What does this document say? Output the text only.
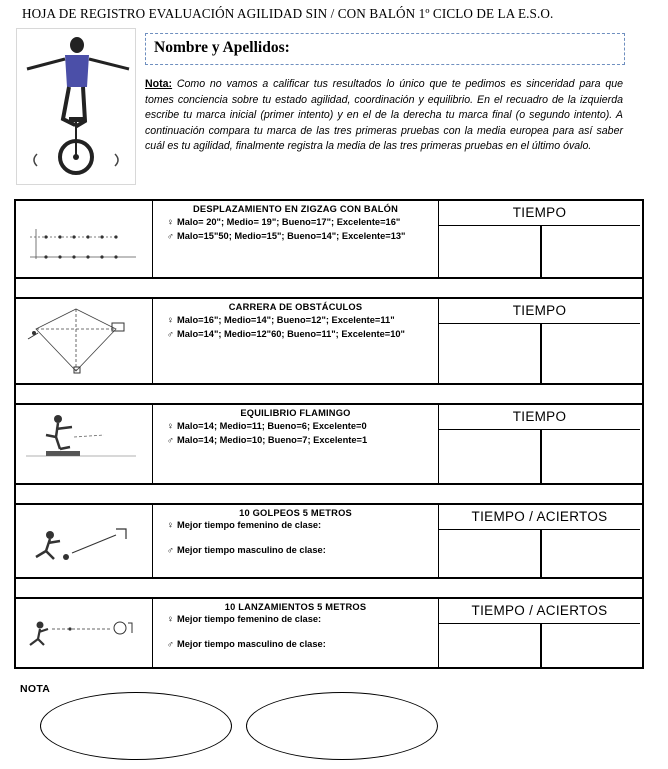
HOJA DE REGISTRO EVALUACIÓN AGILIDAD SIN / CON BALÓN 1º CICLO DE LA E.S.O.
Nombre y Apellidos:
Nota: Como no vamos a calificar tus resultados lo único que te pedimos es sinceridad para que tomes conciencia sobre tu estado agilidad, coordinación y equilibrio. En el recuadro de la izquierda escribe tu marca inicial (primer intento) y en el de la derecha tu marca final (o segundo intento). A continuación compara tu marca de las tres primeras pruebas con la media europea para así saber cuál es tu agilidad, finalmente registra la media de las tres primeras pruebas en el último óvalo.
DESPLAZAMIENTO EN ZIGZAG CON BALÓN
♀ Malo= 20"; Medio= 19"; Bueno=17"; Excelente=16"
♂ Malo=15"50; Medio=15"; Bueno=14"; Excelente=13"
TIEMPO
CARRERA DE OBSTÁCULOS
♀ Malo=16"; Medio=14"; Bueno=12"; Excelente=11"
♂ Malo=14"; Medio=12"60; Bueno=11"; Excelente=10"
TIEMPO
EQUILIBRIO FLAMINGO
♀ Malo=14; Medio=11; Bueno=6; Excelente=0
♂ Malo=14; Medio=10; Bueno=7; Excelente=1
TIEMPO
10 GOLPEOS 5 METROS
♀ Mejor tiempo femenino de clase:
♂ Mejor tiempo masculino de clase:
TIEMPO / ACIERTOS
10 LANZAMIENTOS 5 METROS
♀ Mejor tiempo femenino de clase:
♂ Mejor tiempo masculino de clase:
TIEMPO / ACIERTOS
NOTA
